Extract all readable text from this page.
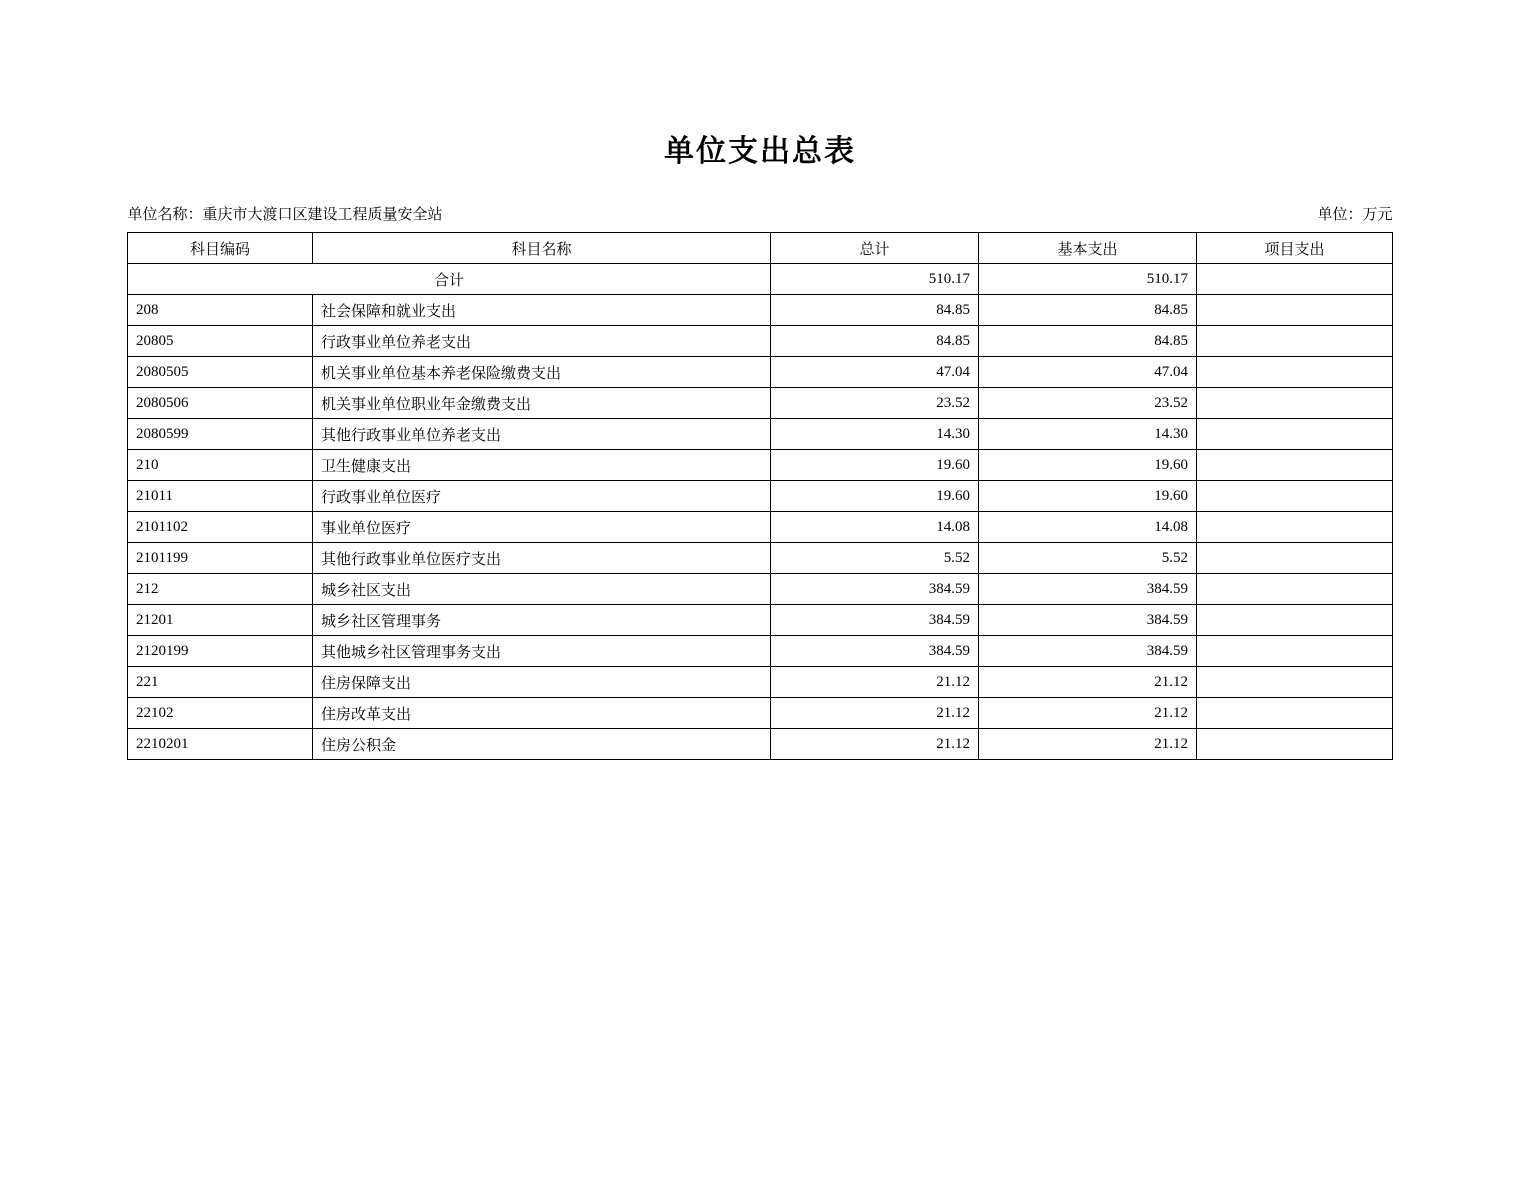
单位支出总表
单位名称：重庆市大渡口区建设工程质量安全站	单位：万元
科目编码	科目名称	总计	基本支出	项目支出
合计		510.17	510.17	
208	社会保障和就业支出	84.85	84.85	
20805	行政事业单位养老支出	84.85	84.85	
2080505	机关事业单位基本养老保险缴费支出	47.04	47.04	
2080506	机关事业单位职业年金缴费支出	23.52	23.52	
2080599	其他行政事业单位养老支出	14.30	14.30	
210	卫生健康支出	19.60	19.60	
21011	行政事业单位医疗	19.60	19.60	
2101102	事业单位医疗	14.08	14.08	
2101199	其他行政事业单位医疗支出	5.52	5.52	
212	城乡社区支出	384.59	384.59	
21201	城乡社区管理事务	384.59	384.59	
2120199	其他城乡社区管理事务支出	384.59	384.59	
221	住房保障支出	21.12	21.12	
22102	住房改革支出	21.12	21.12	
2210201	住房公积金	21.12	21.12	
